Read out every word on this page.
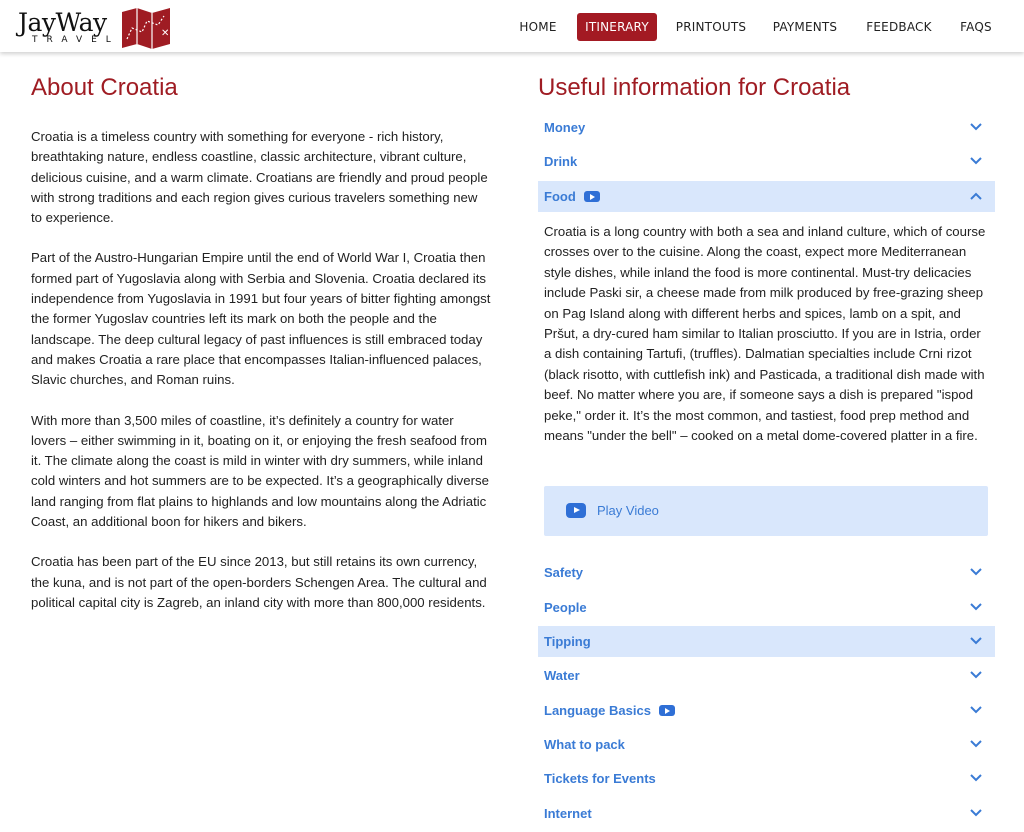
JayWay
TRAVEL
✕	HOME	ITINERARY	PRINTOUTS	PAYMENTS	FEEDBACK	FAQS
About Croatia

Croatia is a timeless country with something for everyone - rich history, breathtaking nature, endless coastline, classic architecture, vibrant culture, delicious cuisine, and a warm climate. Croatians are friendly and proud people with strong traditions and each region gives curious travelers something new to experience.

Part of the Austro-Hungarian Empire until the end of World War I, Croatia then formed part of Yugoslavia along with Serbia and Slovenia. Croatia declared its independence from Yugoslavia in 1991 but four years of bitter fighting amongst the former Yugoslav countries left its mark on both the people and the landscape. The deep cultural legacy of past influences is still embraced today and makes Croatia a rare place that encompasses Italian-influenced palaces, Slavic churches, and Roman ruins.

With more than 3,500 miles of coastline, it’s definitely a country for water lovers – either swimming in it, boating on it, or enjoying the fresh seafood from it. The climate along the coast is mild in winter with dry summers, while inland cold winters and hot summers are to be expected. It’s a geographically diverse land ranging from flat plains to highlands and low mountains along the Adriatic Coast, an additional boon for hikers and bikers.

Croatia has been part of the EU since 2013, but still retains its own currency, the kuna, and is not part of the open-borders Schengen Area. The cultural and political capital city is Zagreb, an inland city with more than 800,000 residents.

Useful information for Croatia
Money
Drink
Food

Croatia is a long country with both a sea and inland culture, which of course crosses over to the cuisine. Along the coast, expect more Mediterranean style dishes, while inland the food is more continental. Must-try delicacies include Paski sir, a cheese made from milk produced by free-grazing sheep on Pag Island along with different herbs and spices, lamb on a spit, and Pršut, a dry-cured ham similar to Italian prosciutto. If you are in Istria, order a dish containing Tartufi, (truffles). Dalmatian specialties include Crni rizot (black risotto, with cuttlefish ink) and Pasticada, a traditional dish made with beef. No matter where you are, if someone says a dish is prepared "ispod peke," order it. It’s the most common, and tastiest, food prep method and means "under the bell" – cooked on a metal dome-covered platter in a fire.

Play Video
Safety
People
Tipping
Water
Language Basics
What to pack
Tickets for Events
Internet
